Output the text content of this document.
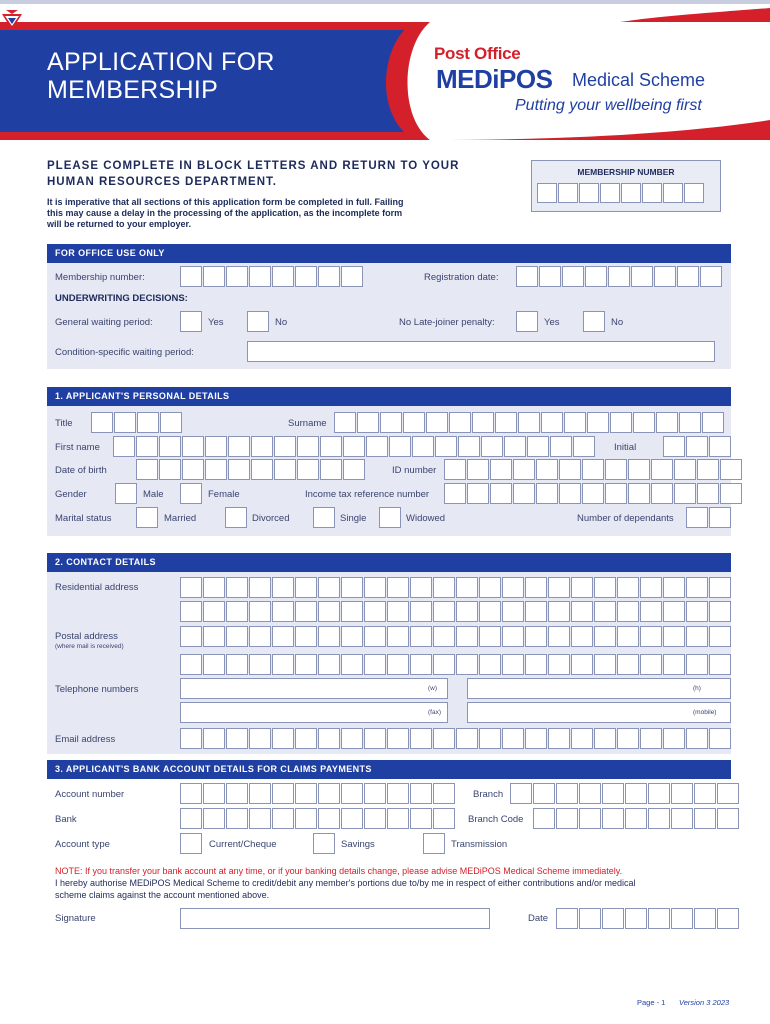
APPLICATION FOR
MEMBERSHIP
Post Office
MEDiPOS Medical Scheme
Putting your wellbeing first
PLEASE COMPLETE IN BLOCK LETTERS AND RETURN TO YOUR
HUMAN RESOURCES DEPARTMENT.
It is imperative that all sections of this application form be completed in full. Failing
this may cause a delay in the processing of the application, as the incomplete form
will be returned to your employer.
MEMBERSHIP NUMBER
FOR OFFICE USE ONLY
Membership number:	Registration date:
UNDERWRITING DECISIONS:
General waiting period:	Yes	No	No Late-joiner penalty:	Yes	No
Condition-specific waiting period:
1. APPLICANT'S PERSONAL DETAILS
Title	Surname
First name	Initial
Date of birth	ID number
Gender	Male	Female	Income tax reference number
Marital status	Married	Divorced	Single	Widowed	Number of dependants
2. CONTACT DETAILS
Residential address
Postal address
(where mail is received)
Telephone numbers	(w)	(h)
(fax)	(mobile)
Email address
3. APPLICANT'S BANK ACCOUNT DETAILS FOR CLAIMS PAYMENTS
Account number	Branch
Bank	Branch Code
Account type	Current/Cheque	Savings	Transmission
NOTE: If you transfer your bank account at any time, or if your banking details change, please advise MEDiPOS Medical Scheme immediately.
I hereby authorise MEDiPOS Medical Scheme to credit/debit any member's portions due to/by me in respect of either contributions and/or medical
scheme claims against the account mentioned above.
Signature	Date
Page - 1 Version 3 2023
